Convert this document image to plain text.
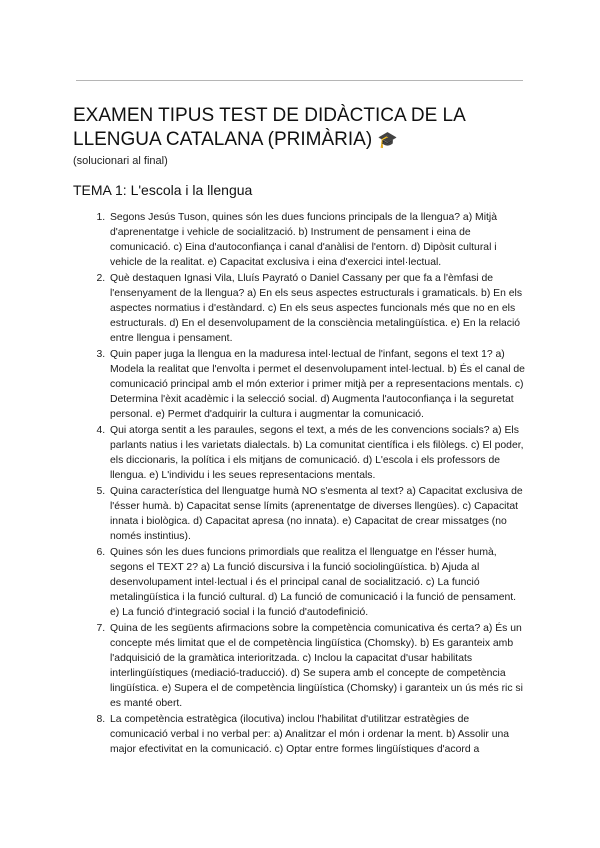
EXAMEN TIPUS TEST DE DIDÀCTICA DE LA LLENGUA CATALANA (PRIMÀRIA) 🎓

(solucionari al final)

TEMA 1: L'escola i la llengua
1. Segons Jesús Tuson, quines són les dues funcions principals de la llengua? a) Mitjà d'aprenentatge i vehicle de socialització. b) Instrument de pensament i eina de comunicació. c) Eina d'autoconfiança i canal d'anàlisi de l'entorn. d) Dipòsit cultural i vehicle de la realitat. e) Capacitat exclusiva i eina d'exercici intel·lectual.
2. Què destaquen Ignasi Vila, Lluís Payrató o Daniel Cassany per que fa a l'èmfasi de l'ensenyament de la llengua? a) En els seus aspectes estructurals i gramaticals. b) En els aspectes normatius i d'estàndard. c) En els seus aspectes funcionals més que no en els estructurals. d) En el desenvolupament de la consciència metalingüística. e) En la relació entre llengua i pensament.
3. Quin paper juga la llengua en la maduresa intel·lectual de l'infant, segons el text 1? a) Modela la realitat que l'envolta i permet el desenvolupament intel·lectual. b) És el canal de comunicació principal amb el món exterior i primer mitjà per a representacions mentals. c) Determina l'èxit acadèmic i la selecció social. d) Augmenta l'autoconfiança i la seguretat personal. e) Permet d'adquirir la cultura i augmentar la comunicació.
4. Qui atorga sentit a les paraules, segons el text, a més de les convencions socials? a) Els parlants natius i les varietats dialectals. b) La comunitat científica i els filòlegs. c) El poder, els diccionaris, la política i els mitjans de comunicació. d) L'escola i els professors de llengua. e) L'individu i les seues representacions mentals.
5. Quina característica del llenguatge humà NO s'esmenta al text? a) Capacitat exclusiva de l'ésser humà. b) Capacitat sense límits (aprenentatge de diverses llengües). c) Capacitat innata i biològica. d) Capacitat apresa (no innata). e) Capacitat de crear missatges (no només instintius).
6. Quines són les dues funcions primordials que realitza el llenguatge en l'ésser humà, segons el TEXT 2? a) La funció discursiva i la funció sociolingüística. b) Ajuda al desenvolupament intel·lectual i és el principal canal de socialització. c) La funció metalingüística i la funció cultural. d) La funció de comunicació i la funció de pensament. e) La funció d'integració social i la funció d'autodefinició.
7. Quina de les següents afirmacions sobre la competència comunicativa és certa? a) És un concepte més limitat que el de competència lingüística (Chomsky). b) Es garanteix amb l'adquisició de la gramàtica interioritzada. c) Inclou la capacitat d'usar habilitats interlingüístiques (mediació-traducció). d) Se supera amb el concepte de competència lingüística. e) Supera el de competència lingüística (Chomsky) i garanteix un ús més ric si es manté obert.
8. La competència estratègica (ilocutiva) inclou l'habilitat d'utilitzar estratègies de comunicació verbal i no verbal per: a) Analitzar el món i ordenar la ment. b) Assolir una major efectivitat en la comunicació. c) Optar entre formes lingüístiques d'acord a
